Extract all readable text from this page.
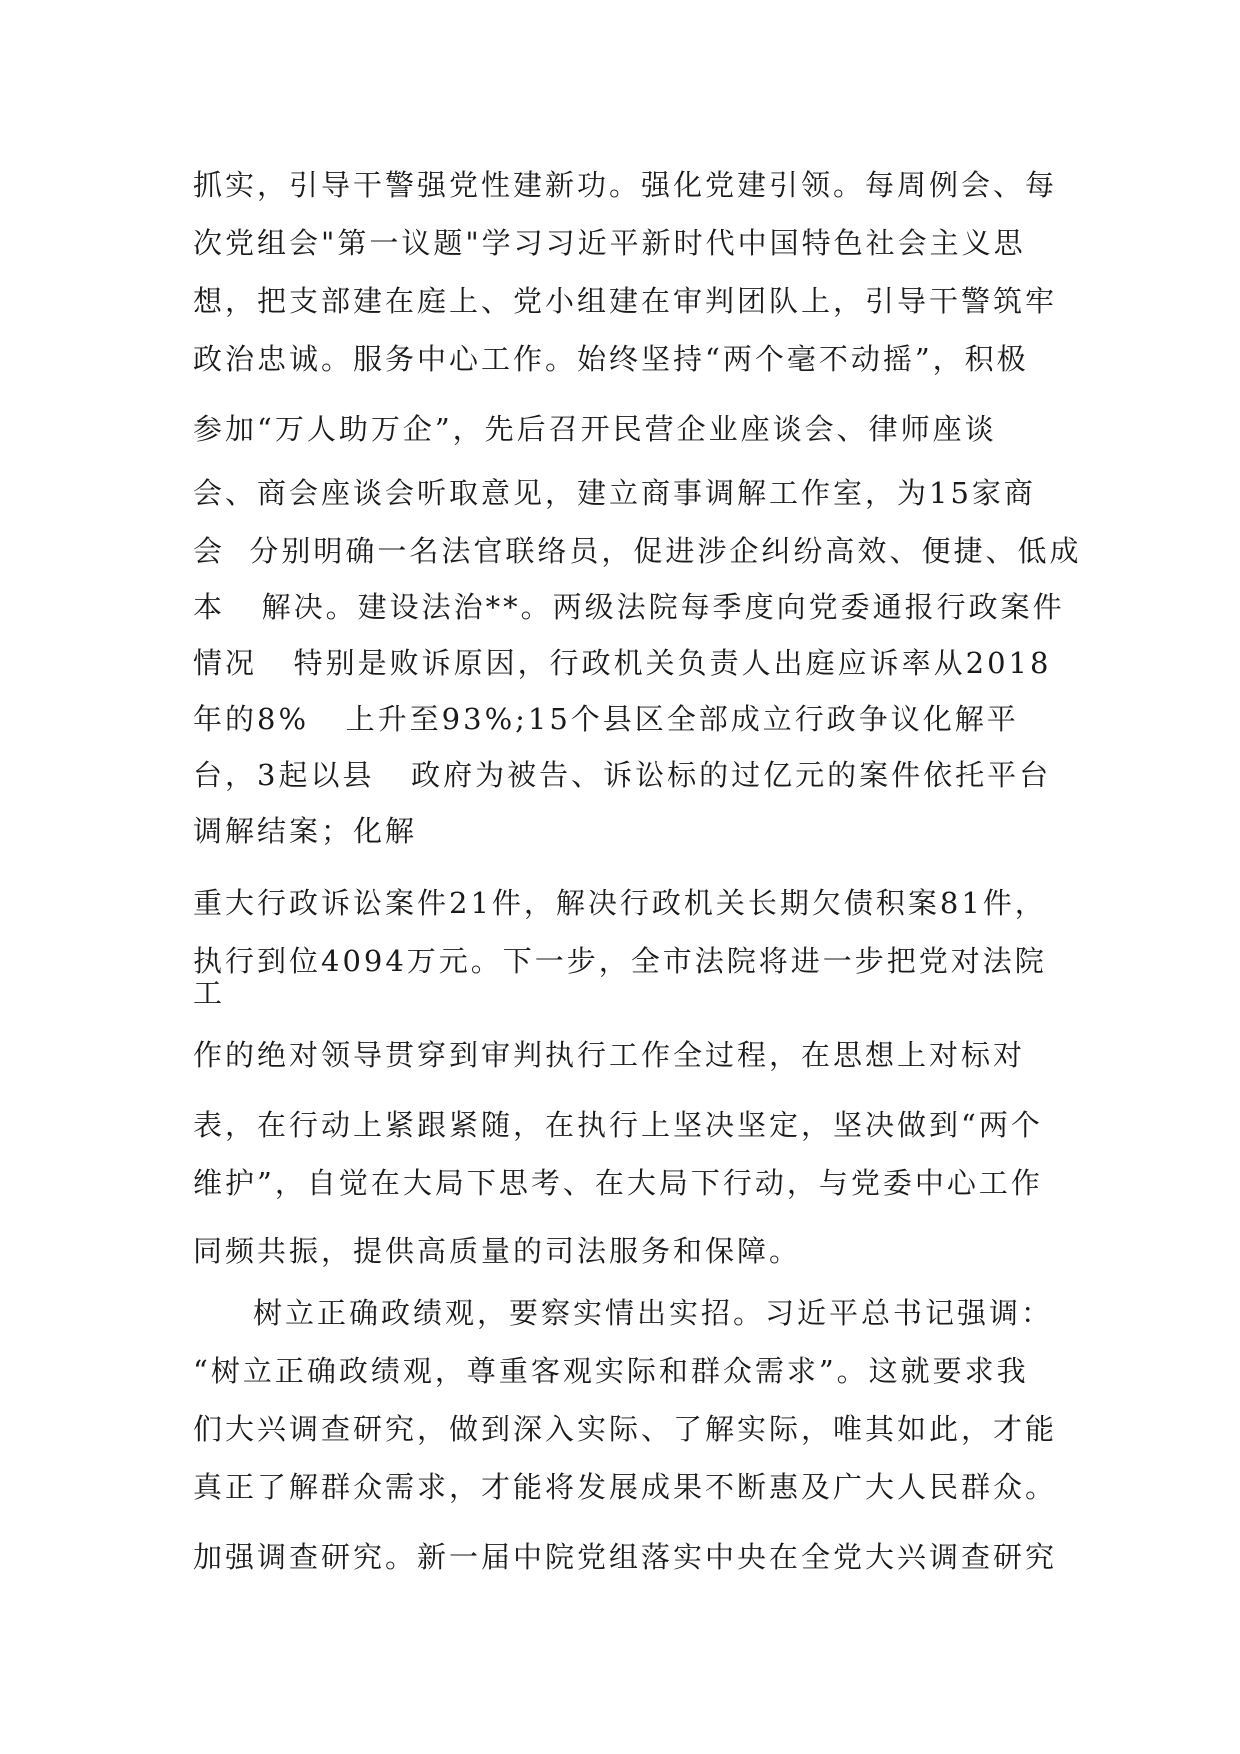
抓实，引导干警强党性建新功。强化党建引领。每周例会、每
次党组会"第一议题"学习习近平新时代中国特色社会主义思
想，把支部建在庭上、党小组建在审判团队上，引导干警筑牢
政治忠诚。服务中心工作。始终坚持“两个毫不动摇”，积极
参加“万人助万企”，先后召开民营企业座谈会、律师座谈
会、商会座谈会听取意见，建立商事调解工作室，为15家商
会  分别明确一名法官联络员，促进涉企纠纷高效、便捷、低成
本   解决。建设法治**。两级法院每季度向党委通报行政案件
情况   特别是败诉原因，行政机关负责人出庭应诉率从2018
年的8%   上升至93%;15个县区全部成立行政争议化解平
台，3起以县   政府为被告、诉讼标的过亿元的案件依托平台
调解结案；化解
重大行政诉讼案件21件，解决行政机关长期欠债积案81件，
执行到位4094万元。下一步，全市法院将进一步把党对法院
工
作的绝对领导贯穿到审判执行工作全过程，在思想上对标对
表，在行动上紧跟紧随，在执行上坚决坚定，坚决做到“两个
维护”，自觉在大局下思考、在大局下行动，与党委中心工作
同频共振，提供高质量的司法服务和保障。
树立正确政绩观，要察实情出实招。习近平总书记强调：
“树立正确政绩观，尊重客观实际和群众需求”。这就要求我
们大兴调查研究，做到深入实际、了解实际，唯其如此，才能
真正了解群众需求，才能将发展成果不断惠及广大人民群众。
加强调查研究。新一届中院党组落实中央在全党大兴调查研究
